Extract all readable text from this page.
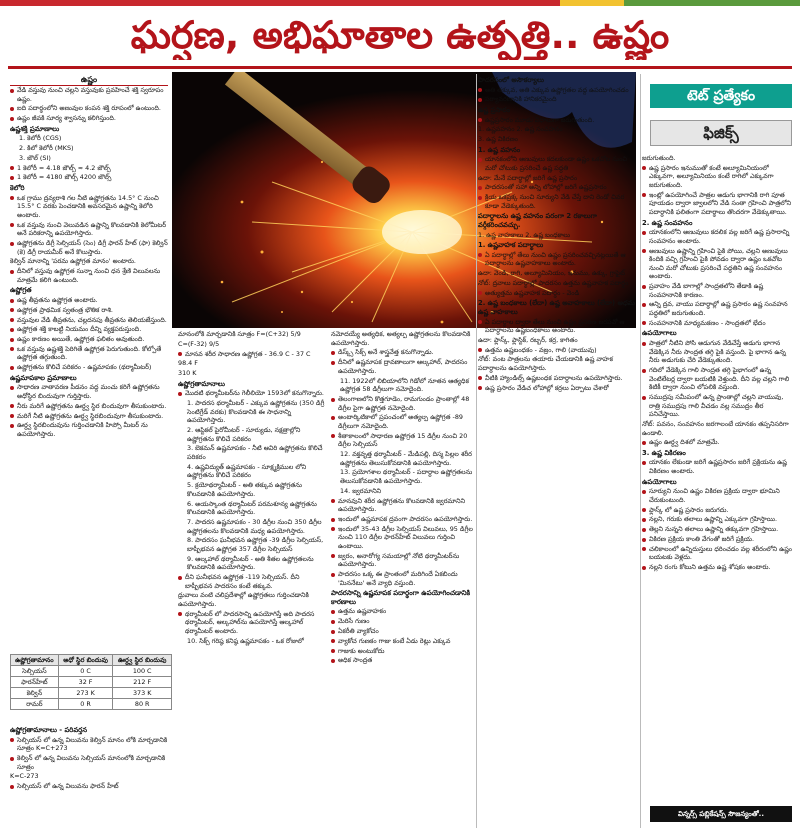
ఘర్షణ, అభిఘాతాల ఉత్పత్తి.. ఉష్ణం
ఉష్ణం

వేడి వస్తువు నుంచి చల్లని వస్తువుకు ప్రవహించే శక్తి స్వరూపం ఉష్ణం.

ఐది పదార్థంలోని అణువుల కంపన శక్తి రూపంలో ఉంటుంది.

ఉష్ణం జీవకి సూర్య శ్వాసన్ను కలిగిస్తుంది.

ఉష్ణశక్తి ప్రమాణాలు

1. కెలోరీ (CGS)

2. కిలో కెలోరీ (MKS)

3. జౌల్ (SI)

1 కెలోరీ = 4.18 జౌల్స్ ≈ 4.2 జౌల్స్

1 కెలోరీ = 4180 జౌల్స్ 4200 జౌల్స్

కెలోరి

ఒక గ్రాము ద్రవ్యరాశి గల నీటి ఉష్ణోగ్రతను 14.5° C నుంచి 15.5° C వరకు పెంచడానికి అవసరమైన ఉష్ణాన్ని కెలోరి అంటారు.

ఒక వస్తువు నుంచి వెలువడిన ఉష్ణాన్ని కొలవడానికి కెలోమీటర్ అనే పరికరాన్ని ఉపయోగిస్తారు.

ఉష్ణోగ్రతను డిగ్రీ సెల్సియస్ (సెం) డిగ్రీ ఫారన్ హీట్ (ఫా) కెల్విన్ (కె) డిగ్రీ రాయమీర్ అనే కొలుస్తారు.

కెల్విన్ మానాన్ని 'పరమ ఉష్ణోగ్రత మానం' అంటారు.

దీనిలో వస్తువు ఉష్ణోగ్రత సున్నా నుంచి ధన శ్రేణి విలువలను మాత్రమే కలిగి ఉంటుంది.

ఉష్ణోగ్రత

ఉష్ణ తీవ్రతను ఉష్ణోగ్రత అంటారు.

ఉష్ణోగ్రత ప్రాథమిక స్వతంత్ర భౌతిక రాశి.

వస్తువుల వేడి తీవ్రతను, చల్లదనపు తీవ్రతను తెలియజేస్తుంది.

ఉష్ణోగ్రత శక్తి కాబట్టి నియమం దీన్ని వ్యక్తపరుస్తుంది.

ఉష్ణం కారణం అయితే, ఉష్ణోగ్రత ఫలితం అవుతుంది.

ఒక వస్తువు ఉష్ణశక్తి పెరిగితే ఉష్ణోగ్రత పెరుగుతుంది. కోల్పోతే ఉష్ణోగ్రత తగ్గుతుంది.

ఉష్ణోగ్రతను కొలిచే పరికరం - ఉష్ణమాపకం (థర్మామీటర్)

ఉష్ణమాపకాల ప్రమాణాలు

సాధారణ వాతావరణ పీడనం వద్ద మంచు కరిగే ఉష్ణోగ్రతను అధోస్థిర బిందువుగా గుర్తిస్తారు.

నీరు మరిగే ఉష్ణోగ్రతను ఊర్ధ్వ స్థిర బిందువుగా తీసుకుంటారు.

మరిగే నీటి ఉష్ణోగ్రతను ఊర్ధ్వ స్థిరబిందువుగా తీసుకుంటారు.

ఊర్ధ్వ స్థిరబిందువును గుర్తించడానికి హిప్సో మీటర్ ను ఉపయోగిస్తారు.

ఉష్ణోగ్రతామానం	అధో స్థిర బిందువు	ఊర్ధ్వ స్థిర బిందువు
సెల్సియస్	0 C	100 C
ఫారన్‌హీట్	32 F	212 F
కెల్విన్	273 K	373 K
రామర్	0 R	80 R

ఉష్ణోగ్రతామానాలు - పరివర్తన

సెల్సియస్ లో ఉన్న విలువను కెల్విన్ మానం లోకి మార్చడానికి సూత్రం K=C+273

కెల్విన్ లో ఉన్న విలువను సెల్సియస్ మానంలోకి మార్చడానికి సూత్రం

K=C-273

సెల్సియస్ లో ఉన్న విలువను ఫారన్ హీట్

మానంలోకి మార్చడానికి సూత్రం F=(C+32) 5/9

C=(F-32) 9/5

మానవ శరీర సాధారణ ఉష్ణోగ్రత - 36.9 C - 37 C

98.4 F

310 K

ఉష్ణోగ్రతామానాలు

మొదటి థర్మామీటర్‌ను గెలీలియో 1593లో కనుగొన్నారు.

1. పాదరస థర్మామీటర్ - ఎక్కువ ఉష్ణోగ్రతను (350 డిగ్రీ సెంటిగ్రేడ్ వరకు) కొలవడానికి ఈ సాధనాన్ని ఉపయోగిస్తారు.

2. ఆప్టికల్ పైరోమీటర్ - సూర్యుడు, నక్షత్రాల్లోని ఉష్ణోగ్రతను కొలిచే పరికరం

3. బెకమన్ ఉష్ణమాపకం - నీటి ఆవిరి ఉష్ణోగ్రతను కొలిచే పరికరం

4. ఉష్ణవిద్యుత్ ఉష్ణమాపకం - సూక్ష్మక్రిముల లోని ఉష్ణోగ్రతను కొలిచే పరికరం

5. క్రయోథర్మామీటర్ - అతి తక్కువ ఉష్ణోగ్రతను కొలవడానికి ఉపయోగిస్తారు.

6. అయస్కాంత థర్మామీటర్ పరమశూన్య ఉష్ణోగ్రతను కొలవడానికి ఉపయోగిస్తారు.

7. పాదరస ఉష్ణమాపకం - 30 డిగ్రీల నుంచి 350 డిగ్రీల ఉష్ణోగ్రతలను కొలవడానికి మధ్య ఉపయోగిస్తారు.

8. పాదరసం ఘనీభవన ఉష్ణోగ్రత -39 డిగ్రీల సెల్సియస్, బాష్పీభవన ఉష్ణోగ్రత 357 డిగ్రీల సెల్సియస్

9. ఆల్కహాల్ థర్మామీటర్ - అతి శీతల ఉష్ణోగ్రతలను కొలవడానికి ఉపయోగిస్తారు.

దీని ఘనీభవన ఉష్ణోగ్రత -119 సెల్సియస్. దీని బాష్పీభవన పాదరసం కంటే తక్కువ.

ధ్రువాలు వంటి చలిప్రదేశాల్లో ఉష్ణోగ్రతలు గుర్తించడానికి ఉపయోగిస్తారు.

థర్మామీటర్ లో పాదరసాన్ని ఉపయోగిస్తే అది పాదరస థర్మామీటర్, ఆల్కహాల్‌ను ఉపయోగిస్తే ఆల్కహాల్ థర్మామీటర్ అంటారు.

10. సిక్స్ గరిష్ఠ కనిష్ఠ ఉష్ణమాపకం - ఒక రోజులో

నమోదయ్యే అత్యధిక, అత్యల్ప ఉష్ణోగ్రతలను కొలవడానికి ఉపయోగిస్తారు.

డిస్క్స్ సిక్స్ అనే శాస్త్రవేత్త కనుగొన్నాడు.

దీనిలో ఉష్ణమాపక ద్రావణాలుగా ఆల్కహాల్, పాదరసం ఉపయోగిస్తారు.

11. 1922లో లిబియాలోని గిడోలో నూతన ఆత్యధిక ఉష్ణోగ్రత 58 డిగ్రీలుగా నమోదైంది.

తెలంగాణలోని కొత్తగూడెం, రామగుండం ప్రాంతాల్లో 48 డిగ్రీల పైగా ఉష్ణోగ్రత నమోదైంది.

అంటార్కిటికాలో ప్రపంచంలో అత్యల్ప ఉష్ణోగ్రత -89 డిగ్రీలుగా నమోదైంది.

శీతాకాలంలో సాధారణ ఉష్ణోగ్రత 15 డిగ్రీల నుంచి 20 డిగ్రీల సెల్సియస్

12. వక్తవృత్త థర్మామీటర్ - మేడిపల్లి, దిస్మ పిల్లల శరీర ఉష్ణోగ్రతను తెలుసుకోవడానికి ఉపయోగిస్తారు.

13. ప్రయోగశాల థర్మామీటర్ - పదార్థాల ఉష్ణోగ్రతలను తెలుసుకోవడానికి ఉపయోగిస్తారు.

14. జ్వరమానిని

మానవుని శరీర ఉష్ణోగ్రతను కొలవడానికి జ్వరమానిని ఉపయోగిస్తారు.

ఇందులో ఉష్ణమాపక ద్రవంగా పాదరసం ఉపయోగిస్తారు.

ఇందులో 35-43 డిగ్రీల సెల్సియస్ విలువలు, 95 డిగ్రీల నుంచి 110 డిగ్రీల ఫారన్‌హీట్ విలువలు గుర్తించి ఉంటాయి.

జ్వరం, అనారోగ్య సమయాల్లో నోటి థర్మామీటర్‌ను ఉపయోగిస్తారు.

పాదరసం ఒక్క ఈ ప్రాంతంలో మరిగిందే ఏకబిందు 'మిననేటు' అనే వ్యాధి వస్తుంది.

పాదరసాన్ని ఉష్ణమాపక పదార్థంగా ఉపయోగించడానికి కారణాలు

ఉత్తమ ఉష్ణవాహకం

మెరిసే గుణం

ఏకరీతి వ్యాకోచం

వ్యాకోచ గుణకం గాజు కంటే ఏడు రెట్లు ఎక్కువ

గాజుకు అంటుకోదు

అధిక సాంద్రత

పాదరసంలో అసౌకర్యాలు

అతి తక్కువ, అతి ఎక్కువ ఉష్ణోగ్రతల వద్ద ఉపయోగించడం

పర్యావరణానికి హానికరమైంది

ఉష్ణ ప్రసారం

ఉష్ణప్రసారం మూడు విధాలుగా జరుగుతుంది.

1. ఉష్ణవహనం 2. ఉష్ణ సంవహనం

3. ఉష్ణ వికిరణం

1. ఉష్ణ వహనం

యానకంలోని అణువులు కదలకుండా ఉష్ణం ఒకచోట నుంచి మరో చోటుకు ప్రసరించే ఉష్ణ పద్ధతి

ఉదా: మేనే పదార్థాల్లో జరిగే ఉష్ణ ప్రసారం

పాదరసంతో సహా అన్ని లోహాల్లో జరిగే ఉష్ణప్రసారం

క్రియ ఒకప్రక్క నుంచి సూర్యుని వేడి చేస్తే దాని రెండో చివర కూడా వేడెక్కుతుంది.

పదార్థాలను ఉష్ణ వహనం పరంగా 2 రకాలుగా వర్గీకరించవచ్చు.

1. ఉష్ణ వాహకాలు 2. ఉష్ణ బంధకాలు

1. ఉష్ణవాహక పదార్థాలు

ఏ పదార్థాల్లో తేలు నుంచి ఉష్ణం ప్రసరించవచ్చినట్లయితే ఆ పదార్థాలను ఉష్ణవాహకాలు అంటారు.

ఉదా: వెండి, రాగి, అల్యూమినియం, ఇనుము, ఉక్కు, గ్రాఫైట్

నోట్: ద్రవాలు పదార్థాల్లో పాదరసం ఉత్తమ ఉష్ణవాహక పదార్థం

అత్యుత్తమ ఉష్ణవాహక పదార్థం - వెండి

2. ఉష్ణ బంధకాలు (లేదా) ఉష్ణ అవాహకాలు (లేదా) అధమ ఉష్ణ వాహకాలు

ఏ పదార్థాల ద్వారా తేలు నుంచి ఉష్ణం ప్రసరణ జరపవో ఆ పదార్థాలను ఉష్ణబంధకాలు అంటారు.

ఉదా: ఫ్లాస్క్, ఫ్లాస్టిక్, రబ్బర్, కర్ర, కాగితం

ఉత్తమ ఉష్ణబంధకం - వజ్రం, గాలి (వాయువు)

నోట్: వంట పాత్రలను తయారు చేయడానికి ఉష్ణ వాహక పదార్థాలను ఉపయోగిస్తారు.

వీటికి హ్యాండిల్స్ ఉష్ణబంధక పదార్థాలను ఉపయోగిస్తారు.

ఉష్ణ ప్రసారం వేడిచ లోహాల్లో కర్రలు ఏర్పాటు చేశారో

టెట్ ప్రత్యేకం
ఫిజిక్స్

జరుగుతుంది.

ఉష్ణ ప్రసారం ఇనుముతో కంటే అల్యూమినియంలో ఎక్కువగా, అల్యూమినియం కంటే రాగిలో ఎక్కువగా జరుగుతుంది.

ఇంట్లో ఉపయోగించే పాత్రల అడుగు భాగానికి రాగి పూత పూయడం ద్వారా జ్వాలలోని వేడి సంతా గ్రహించి పాత్రలోని పదార్థానికి ఫలితంగా పదార్థాలు తొందరగా వేడెక్కుతాయి.

2. ఉష్ణ సంవహనం

యానకంలోని అణువులు కదలిక వల్ల జరిగే ఉష్ణ ప్రసారాన్ని సంవహనం అంటారు.

అణువులు ఉష్ణాన్ని గ్రహించి పైకి పోయి, చల్లని అణువులు కిందికి వచ్చి గ్రహించి పైకి పోవడం ద్వారా ఉష్ణం ఒకచోట నుంచి మరో చోటుకు ప్రసరించే పద్ధతిని ఉష్ణ సంవహనం అంటారు.

ప్రవాహం వేడి బాగాల్లో సాంద్రతలోని తేడాకి ఉష్ణ సంవహనానికి కారణం.

ఆన్ని ద్రవ, వాయు పదార్థాల్లో ఉష్ణ ప్రసారం ఉష్ణ సంవహన పద్ధతిలో జరుగుతుంది.

సంవహనానికి మాధ్యమకణం - సాంద్రతలో భేదం

ఉపయోగాలు

పాత్రలో నీటిని పోసి అడుగున వేడిచేస్తే అడుగు భాగాన వేడెక్కిన నీరు సాంద్రత తగ్గి పైకి వస్తుంది. పై భాగాన ఉన్న నీరు అడుగుకు చేరి వేడెక్కుతుంది.

గదిలో వేడెక్కిన గాలి సాంద్రత తగ్గి పైభాగంలో ఉన్న వెంటిలేటర్ల ద్వారా బయటికి వెళ్తుంది. దీని వల్ల చల్లని గాలి కిటికీ ద్వారా నుంచి లోపలికి వస్తుంది.

సముద్రపు సమీపంలో ఉన్న ప్రాంతాల్లో చల్లని వాయువు, రాత్రి సముద్రపు గాలి వీచడం వల్ల సముద్రం తీర పనిచేస్తాయి.

నోట్: పవనం, సంవహనం జరగాలంటే యానకం తప్పనిసరిగా ఉండాలి.

ఉష్ణం ఊర్ధ్వ దిశలో మాత్రమే.

3. ఉష్ణ వికిరణం

యానకం లేకుండా జరిగే ఉష్ణప్రసారం జరిగే ప్రక్రియను ఉష్ణ వికిరణం అంటారు.

ఉపయోగాలు

సూర్యుని నుంచి ఉష్ణం వికిరణ ప్రక్రియ ద్వారా భూమిని చేరుకుంటుంది.

ఫ్లాస్క్ లో ఉష్ణ ప్రసారం జరుగదు.

నల్లని, గరుకు తలాలు ఉష్ణాన్ని ఎక్కువగా గ్రహిస్తాయి.

తెల్లని నున్నని తలాలు ఉష్ణాన్ని తక్కువగా గ్రహిస్తాయి.

వికిరణ ప్రక్రియ కాంతి వేగంతో జరిగే ప్రక్రియ.

చలికాలంలో ఉన్నిదుస్తులు ధరించడం వల్ల శరీరంలోని ఉష్ణం బయటకు వెళ్లదు.

నల్లని రంగు కోటుని ఉత్తమ ఉష్ణ శోషకం అంటారు.

విన్నర్స్ పబ్లికేషన్స్ సౌజన్యంతో..
